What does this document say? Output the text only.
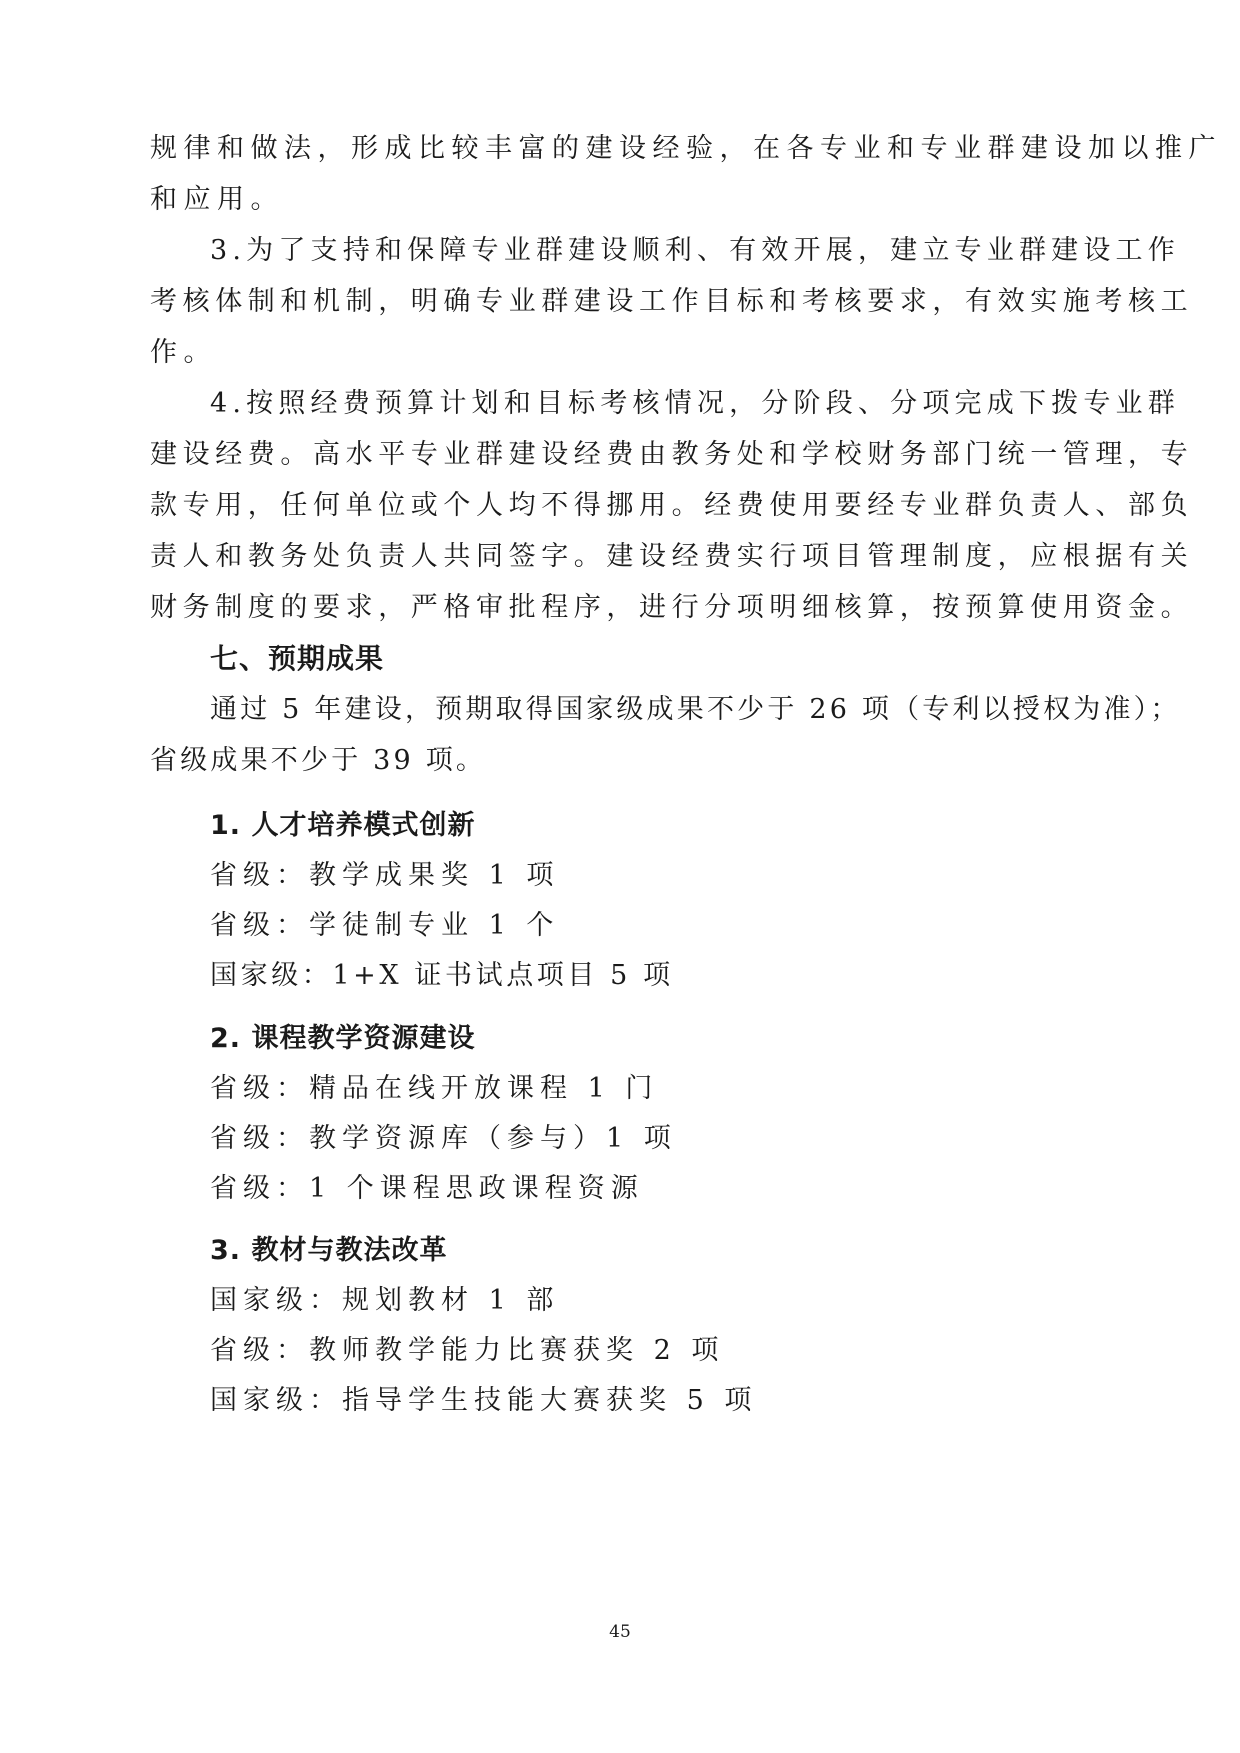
规律和做法，形成比较丰富的建设经验，在各专业和专业群建设加以推广
和应用。
3.为了支持和保障专业群建设顺利、有效开展，建立专业群建设工作
考核体制和机制，明确专业群建设工作目标和考核要求，有效实施考核工
作。
4.按照经费预算计划和目标考核情况，分阶段、分项完成下拨专业群
建设经费。高水平专业群建设经费由教务处和学校财务部门统一管理，专
款专用，任何单位或个人均不得挪用。经费使用要经专业群负责人、部负
责人和教务处负责人共同签字。建设经费实行项目管理制度，应根据有关
财务制度的要求，严格审批程序，进行分项明细核算，按预算使用资金。
七、预期成果
通过 5 年建设，预期取得国家级成果不少于 26 项（专利以授权为准）；
省级成果不少于 39 项。
1. 人才培养模式创新
省级：教学成果奖 1 项
省级：学徒制专业 1 个
国家级：1+X 证书试点项目 5 项
2. 课程教学资源建设
省级：精品在线开放课程 1 门
省级：教学资源库（参与）1 项
省级：1 个课程思政课程资源
3. 教材与教法改革
国家级：规划教材 1 部
省级：教师教学能力比赛获奖 2 项
国家级：指导学生技能大赛获奖 5 项
45
